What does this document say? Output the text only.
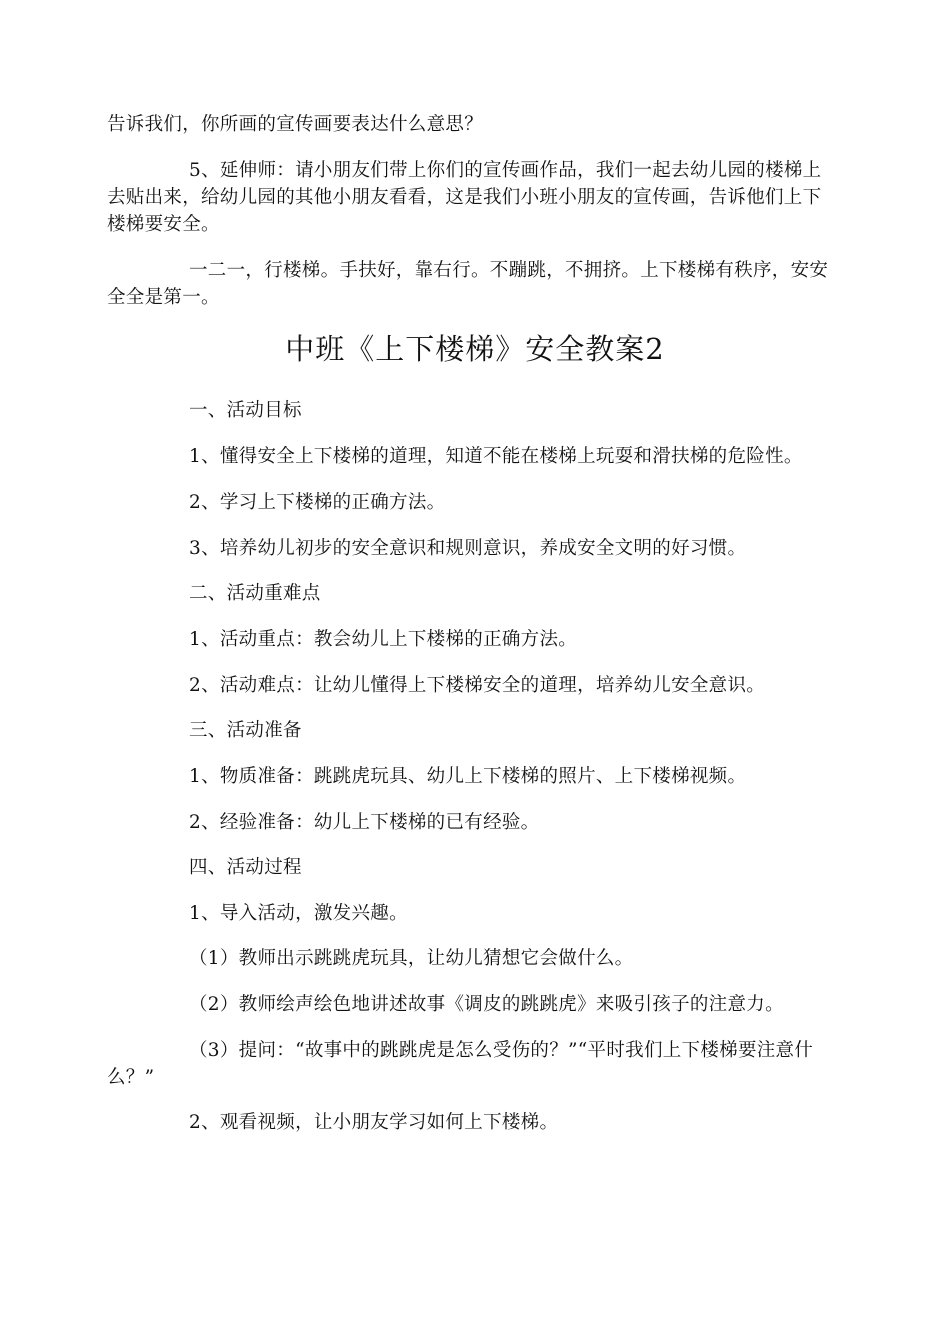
告诉我们，你所画的宣传画要表达什么意思？

5、延伸师：请小朋友们带上你们的宣传画作品，我们一起去幼儿园的楼梯上去贴出来，给幼儿园的其他小朋友看看，这是我们小班小朋友的宣传画，告诉他们上下楼梯要安全。

一二一，行楼梯。手扶好，靠右行。不蹦跳，不拥挤。上下楼梯有秩序，安安全全是第一。

中班《上下楼梯》安全教案2

一、活动目标

1、懂得安全上下楼梯的道理，知道不能在楼梯上玩耍和滑扶梯的危险性。

2、学习上下楼梯的正确方法。

3、培养幼儿初步的安全意识和规则意识，养成安全文明的好习惯。

二、活动重难点

1、活动重点：教会幼儿上下楼梯的正确方法。

2、活动难点：让幼儿懂得上下楼梯安全的道理，培养幼儿安全意识。

三、活动准备

1、物质准备：跳跳虎玩具、幼儿上下楼梯的照片、上下楼梯视频。

2、经验准备：幼儿上下楼梯的已有经验。

四、活动过程

1、导入活动，激发兴趣。

（1）教师出示跳跳虎玩具，让幼儿猜想它会做什么。

（2）教师绘声绘色地讲述故事《调皮的跳跳虎》来吸引孩子的注意力。

（3）提问：“故事中的跳跳虎是怎么受伤的？”“平时我们上下楼梯要注意什么？”

2、观看视频，让小朋友学习如何上下楼梯。
